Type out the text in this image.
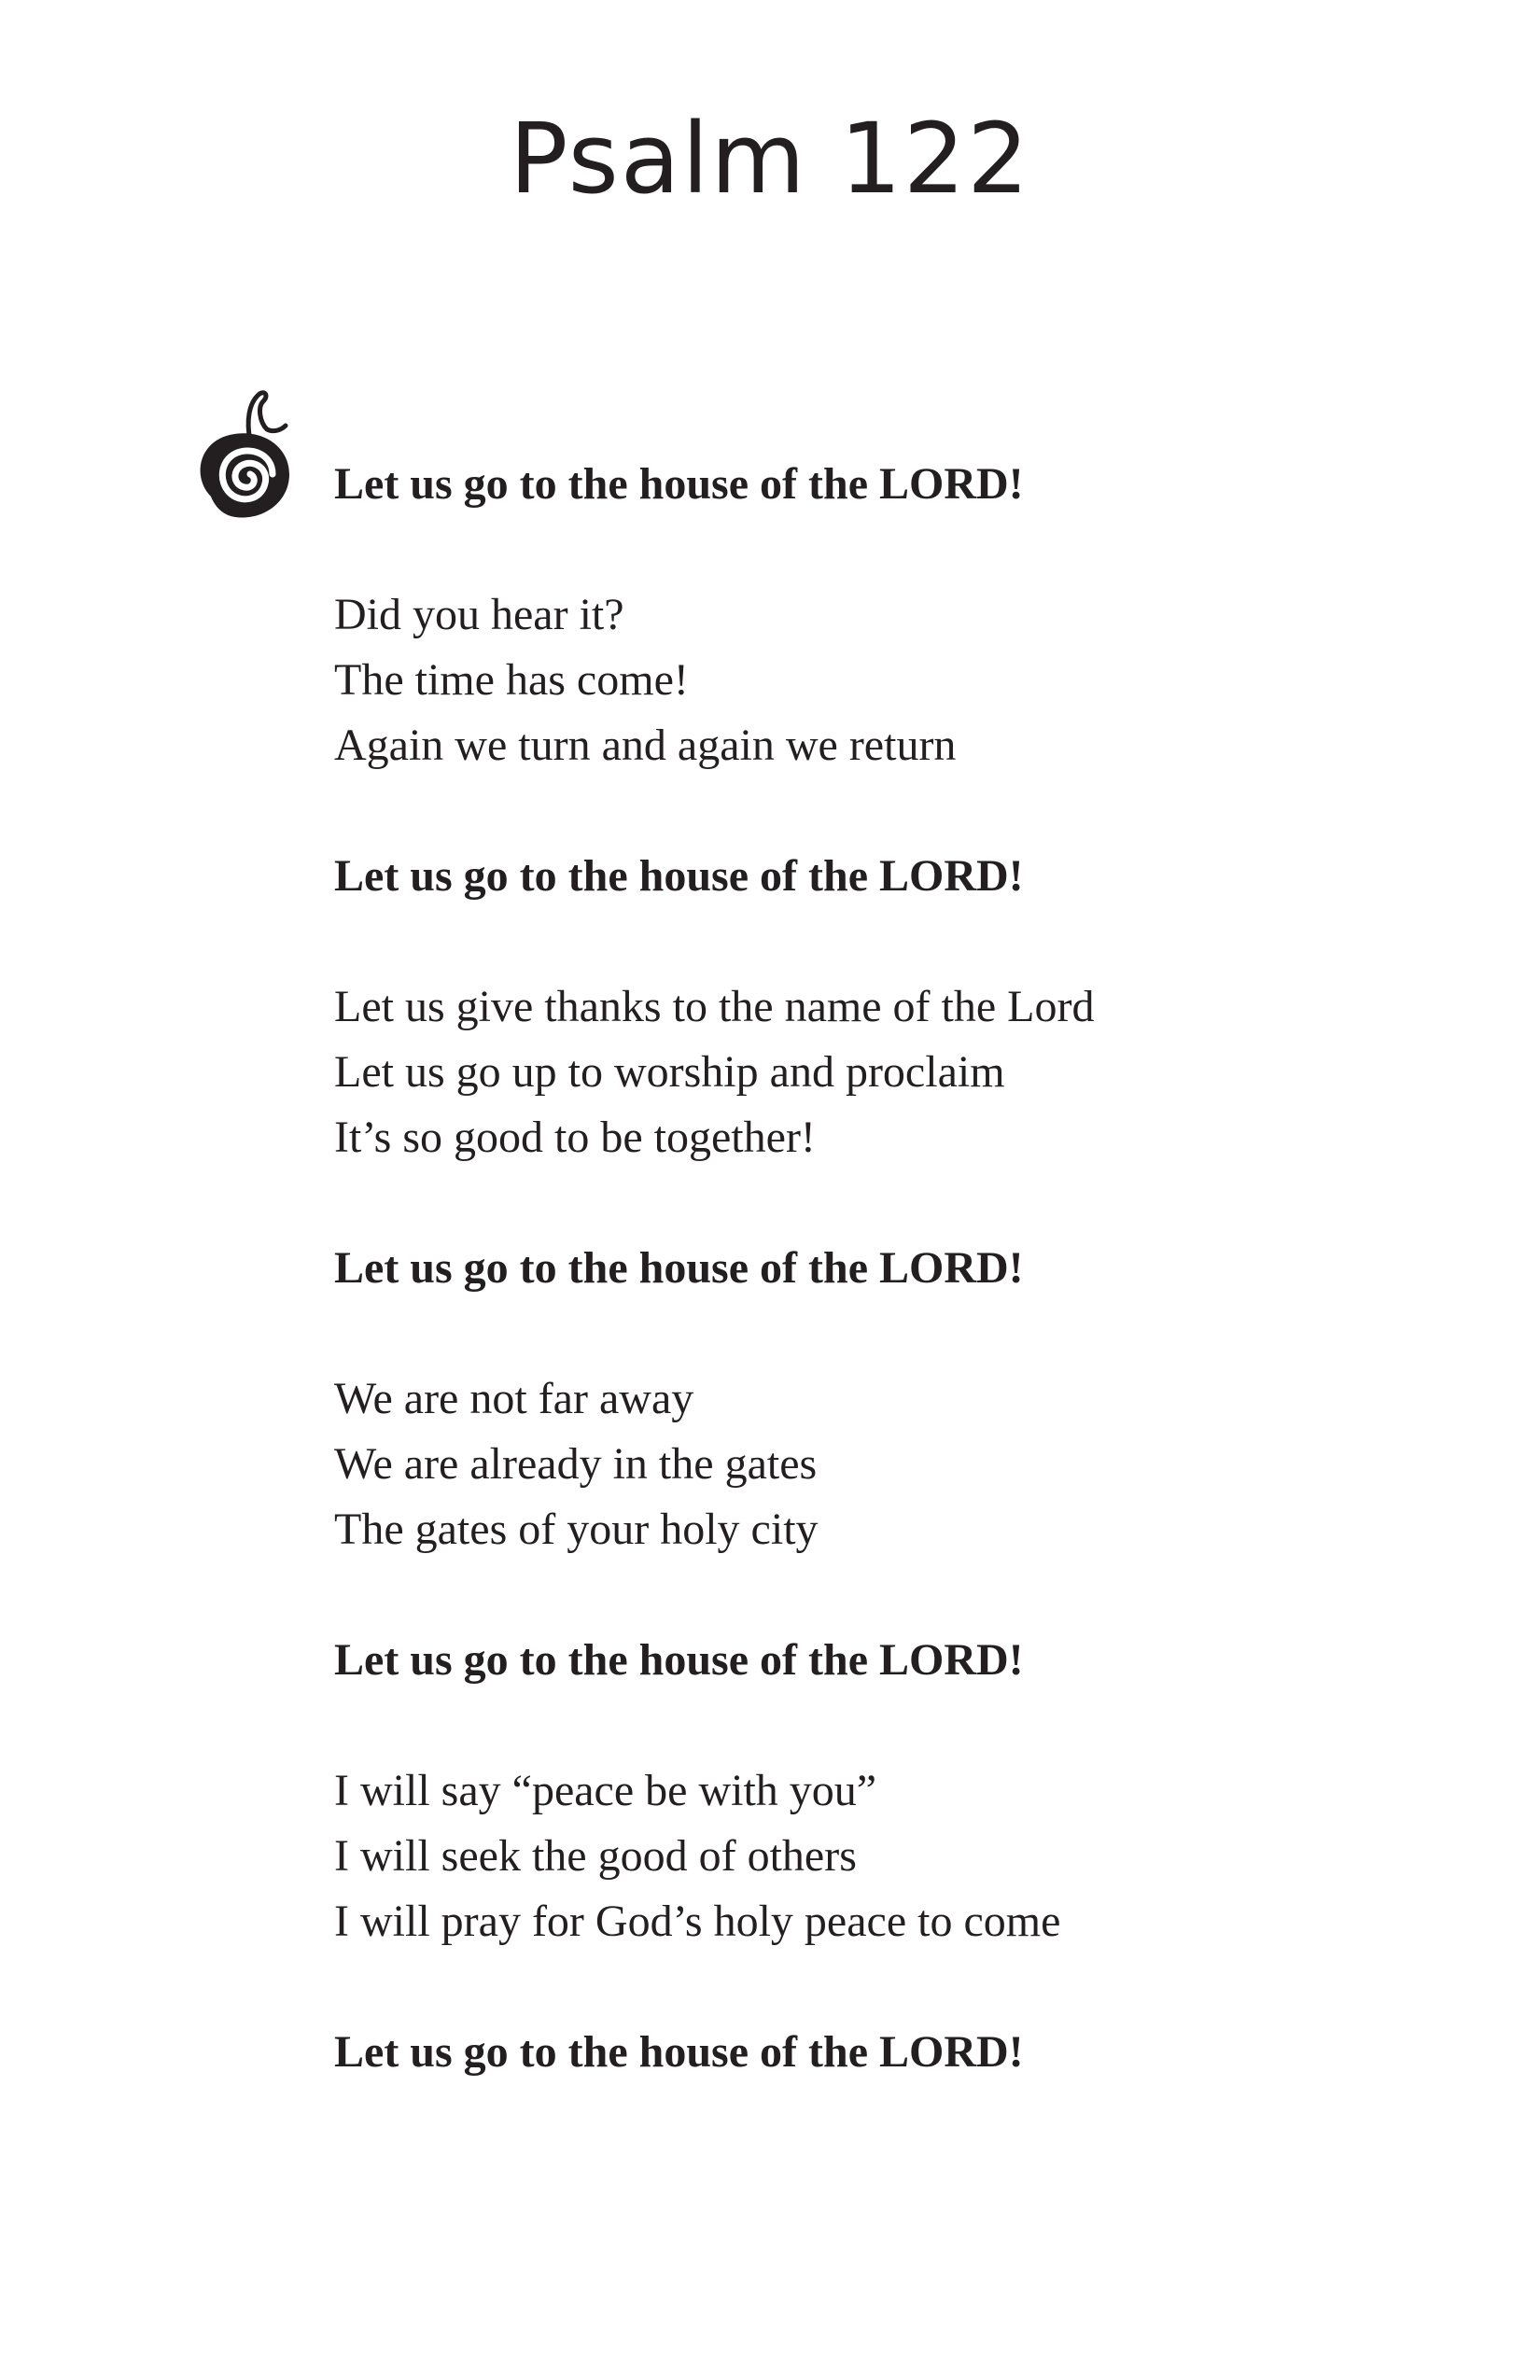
Psalm 122
Let us go to the house of the LORD!
Did you hear it?
The time has come!
Again we turn and again we return
Let us go to the house of the LORD!
Let us give thanks to the name of the Lord
Let us go up to worship and proclaim
It’s so good to be together!
Let us go to the house of the LORD!
We are not far away
We are already in the gates
The gates of your holy city
Let us go to the house of the LORD!
I will say “peace be with you”
I will seek the good of others
I will pray for God’s holy peace to come
Let us go to the house of the LORD!
